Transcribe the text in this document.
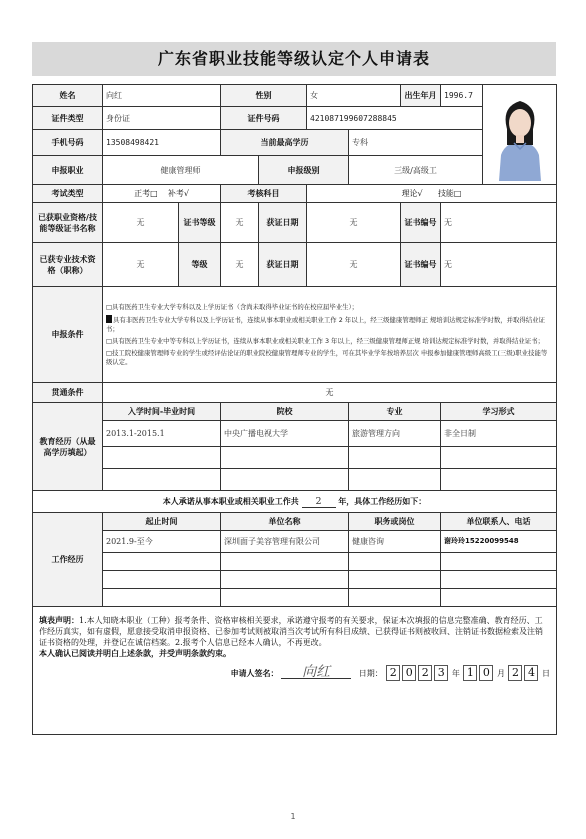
广东省职业技能等级认定个人申请表
姓名	向红		性别		女		出生年月	1996.7	
证件类型	身份证		证件号码		421087199607288845				
手机号码	13508498421		当前最高学历			专科			
申报职业	健康管理师			申报级别		三级/高级工			
考试类型	正考□ 补考√		考核科目		理论√ 技能□				
已获职业资格/技能等级证书名称	无	证书等级	无	获证日期	无		证书编号	无	
已获专业技术资格（职称）	无	等级	无	获证日期	无		证书编号	无	
申报条件	□具有医药卫生专业大学专科以及上学历证书（含尚未取得毕业证书的在校应届毕业生）；
具有非医药卫生专业大学专科以及上学历证书，连续从事本职业或相关职业工作 2 年以上，经三级健康管理师正 规培训达规定标准学时数，并取得结业证书；
□具有医药卫生专业中等专科以上学历证书，连续从事本职业或相关职业工作 3 年以上，经三级健康管理师正规 培训达规定标准学时数，并取得结业证书；
□技工院校健康管理师专业的学生或经评估论证的职业院校健康管理师专业的学生，可在其毕业学年按培养层次 申报参加健康管理师高级工(三级)职业技能等级认定。								

贯通条件	无								
教育经历（从最高学历填起）	入学时间-毕业时间		院校			专业		学习形式	
	2013.1-2015.1		中央广播电视大学			旅游管理方向		非全日制	

本人承诺从事本职业或相关职业工作共 2 年，具体工作经历如下：									
工作经历	起止时间		单位名称			职务或岗位		单位联系人、电话	
	2021.9-至今		深圳面子美容管理有限公司			健康咨询		谢玲玲15220099548	

填表声明：1.本人知晓本职业（工种）报考条件、资格审核相关要求，承诺遵守报考的有关要求，保证本次填报的信息完整准确、教育经历、工作经历真实，如有虚假，愿意接受取消申报资格、已参加考试则被取消当次考试所有科目成绩、已获得证书则被收回、注销证书数据检索及注销证书资格的处理，并登记在诚信档案。2.报考个人信息已经本人确认，不再更改。
本人确认已阅读并明白上述条款，并受声明条款约束。
申请人签名： 向红 日期： 2 0 2 3 年 1 0 月 2 4 日									
1
